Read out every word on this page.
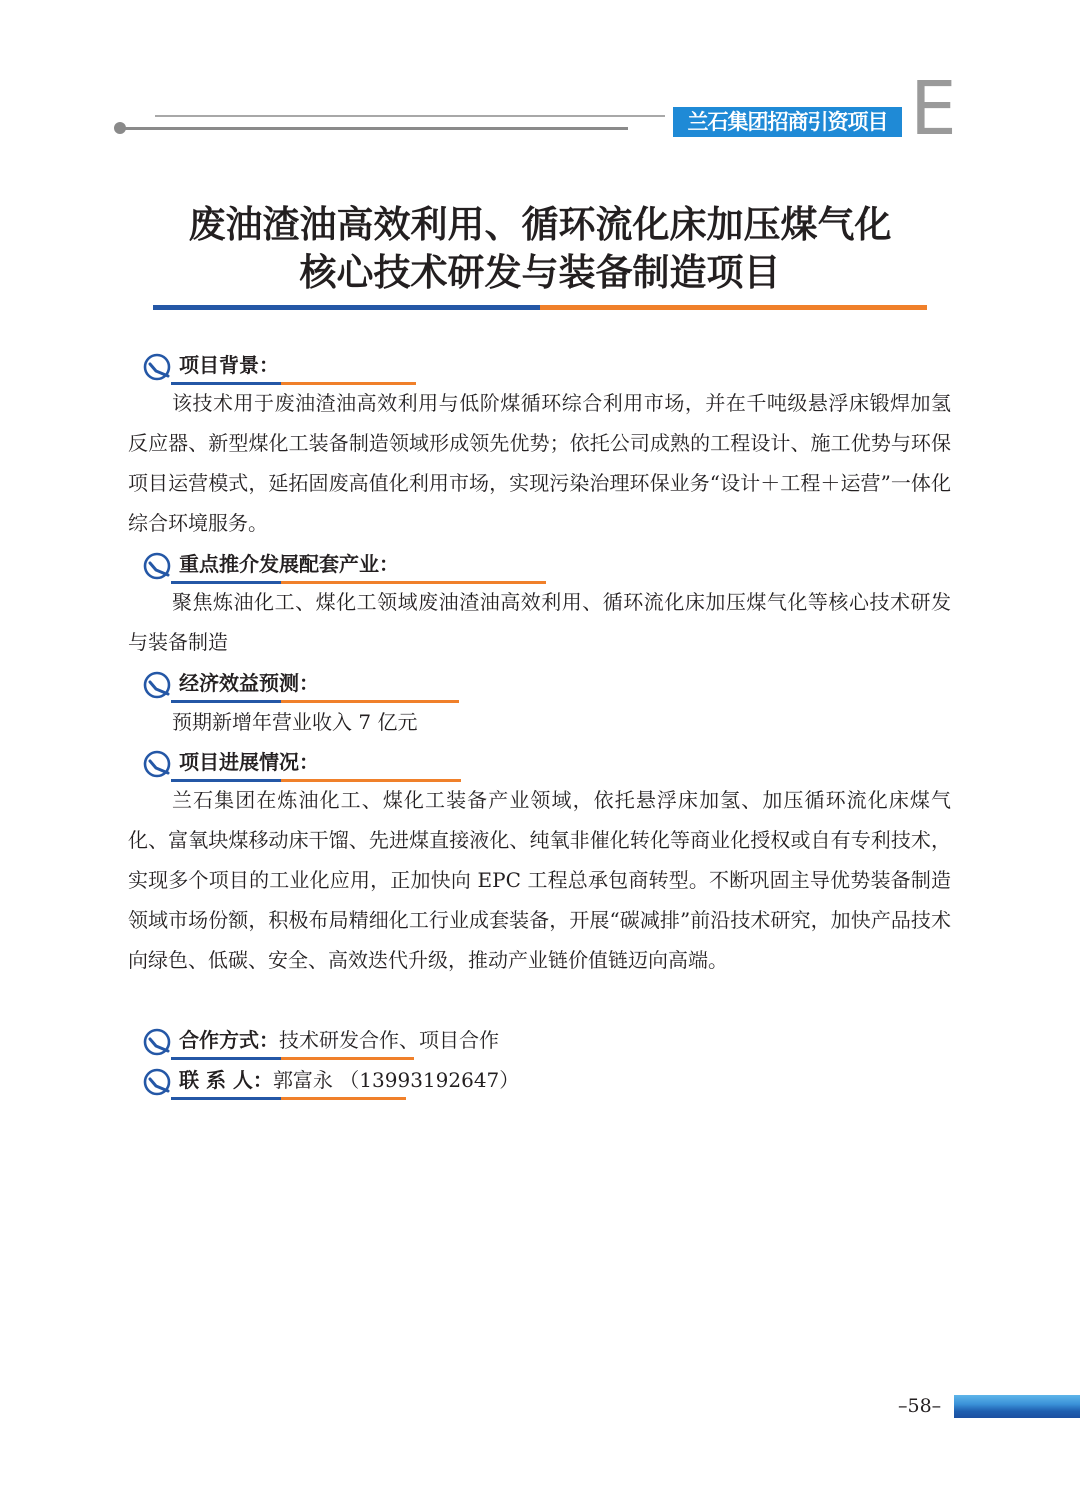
兰石集团招商引资项目 E
废油渣油高效利用、循环流化床加压煤气化
核心技术研发与装备制造项目
项目背景：
该技术用于废油渣油高效利用与低阶煤循环综合利用市场，并在千吨级悬浮床锻焊加氢反应器、新型煤化工装备制造领域形成领先优势；依托公司成熟的工程设计、施工优势与环保项目运营模式，延拓固废高值化利用市场，实现污染治理环保业务“设计＋工程＋运营”一体化综合环境服务。
重点推介发展配套产业：
聚焦炼油化工、煤化工领域废油渣油高效利用、循环流化床加压煤气化等核心技术研发与装备制造
经济效益预测：
预期新增年营业收入 7 亿元
项目进展情况：
兰石集团在炼油化工、煤化工装备产业领域，依托悬浮床加氢、加压循环流化床煤气化、富氧块煤移动床干馏、先进煤直接液化、纯氧非催化转化等商业化授权或自有专利技术，实现多个项目的工业化应用，正加快向 EPC 工程总承包商转型。不断巩固主导优势装备制造领域市场份额，积极布局精细化工行业成套装备，开展“碳减排”前沿技术研究，加快产品技术向绿色、低碳、安全、高效迭代升级，推动产业链价值链迈向高端。
合作方式：技术研发合作、项目合作
联 系 人：郭富永 （13993192647）
–58–
